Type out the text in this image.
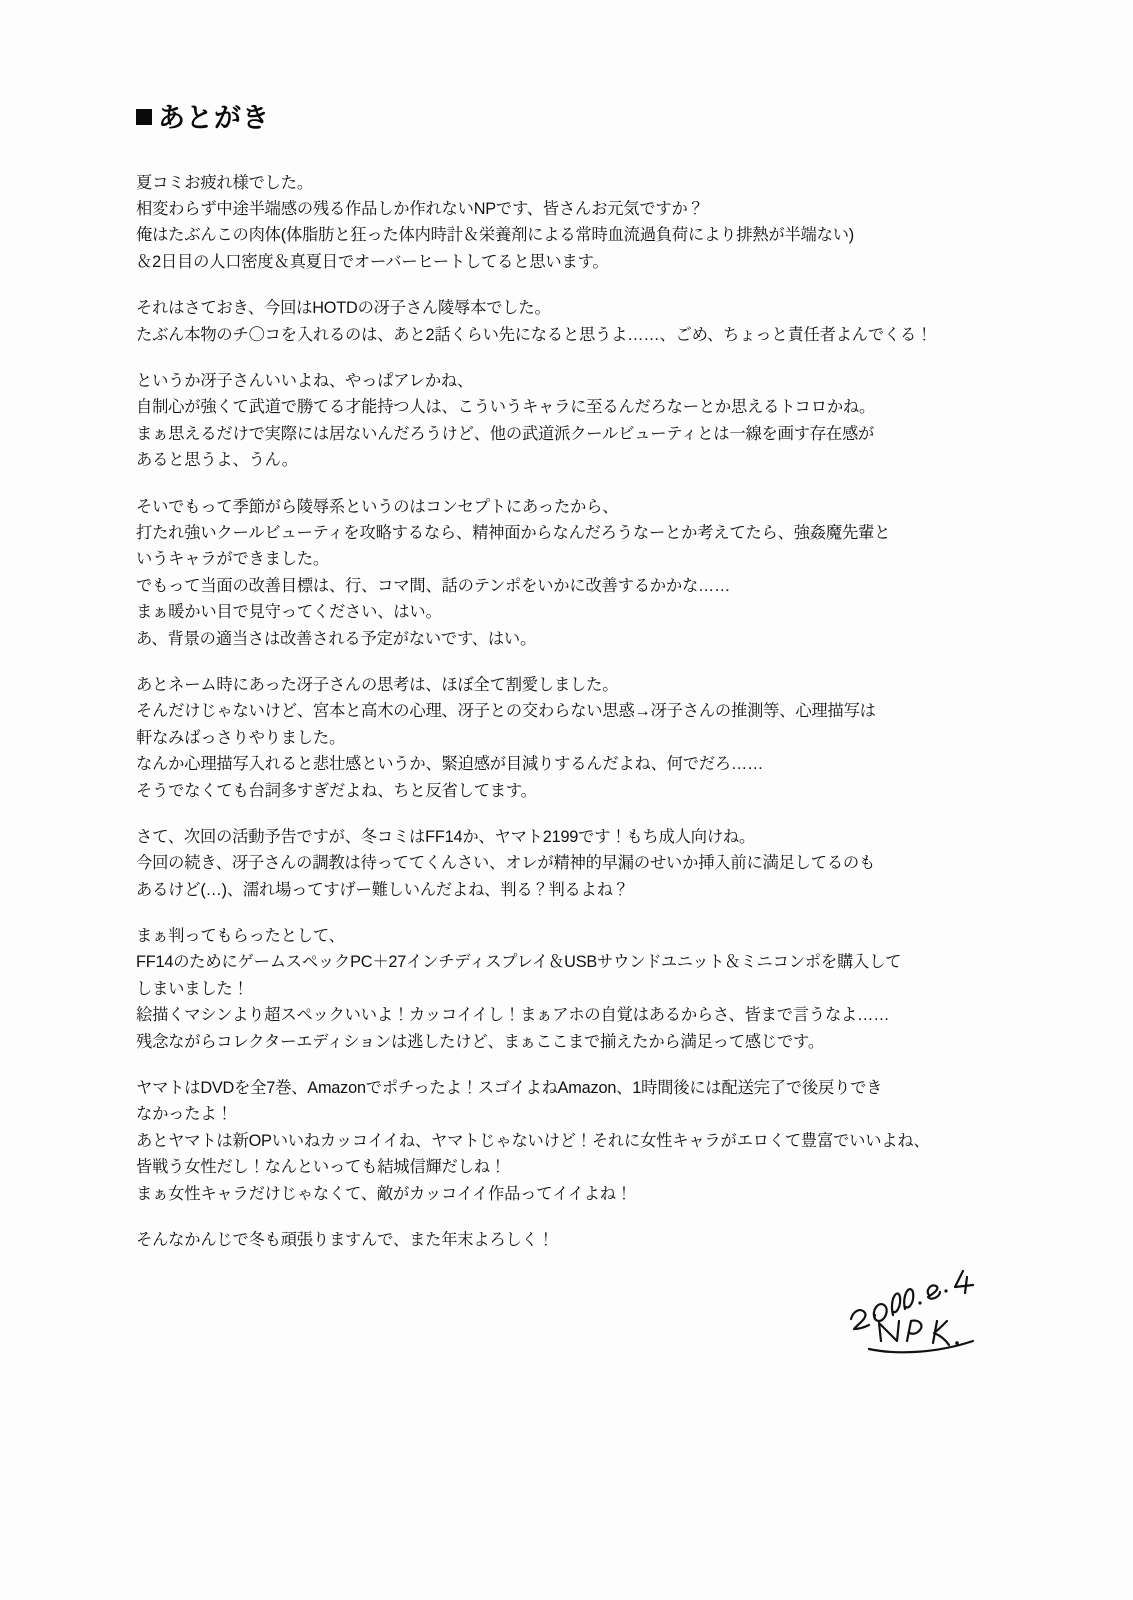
あとがき

夏コミお疲れ様でした。
相変わらず中途半端感の残る作品しか作れないNPです、皆さんお元気ですか？
俺はたぶんこの肉体(体脂肪と狂った体内時計＆栄養剤による常時血流過負荷により排熱が半端ない)
＆2日目の人口密度＆真夏日でオーバーヒートしてると思います。

それはさておき、今回はHOTDの冴子さん陵辱本でした。
たぶん本物のチ〇コを入れるのは、あと2話くらい先になると思うよ……、ごめ、ちょっと責任者よんでくる！

というか冴子さんいいよね、やっぱアレかね、
自制心が強くて武道で勝てる才能持つ人は、こういうキャラに至るんだろなーとか思えるトコロかね。
まぁ思えるだけで実際には居ないんだろうけど、他の武道派クールビューティとは一線を画す存在感が
あると思うよ、うん。

そいでもって季節がら陵辱系というのはコンセプトにあったから、
打たれ強いクールビューティを攻略するなら、精神面からなんだろうなーとか考えてたら、強姦魔先輩と
いうキャラができました。
でもって当面の改善目標は、行、コマ間、話のテンポをいかに改善するかかな……
まぁ暖かい目で見守ってください、はい。
あ、背景の適当さは改善される予定がないです、はい。

あとネーム時にあった冴子さんの思考は、ほぼ全て割愛しました。
そんだけじゃないけど、宮本と高木の心理、冴子との交わらない思惑→冴子さんの推測等、心理描写は
軒なみばっさりやりました。
なんか心理描写入れると悲壮感というか、緊迫感が目減りするんだよね、何でだろ……
そうでなくても台詞多すぎだよね、ちと反省してます。

さて、次回の活動予告ですが、冬コミはFF14か、ヤマト2199です！もち成人向けね。
今回の続き、冴子さんの調教は待っててくんさい、オレが精神的早漏のせいか挿入前に満足してるのも
あるけど(…)、濡れ場ってすげー難しいんだよね、判る？判るよね？

まぁ判ってもらったとして、
FF14のためにゲームスペックPC＋27インチディスプレイ＆USBサウンドユニット＆ミニコンポを購入して
しまいました！
絵描くマシンより超スペックいいよ！カッコイイし！まぁアホの自覚はあるからさ、皆まで言うなよ……
残念ながらコレクターエディションは逃したけど、まぁここまで揃えたから満足って感じです。

ヤマトはDVDを全7巻、Amazonでポチったよ！スゴイよねAmazon、1時間後には配送完了で後戻りでき
なかったよ！
あとヤマトは新OPいいねカッコイイね、ヤマトじゃないけど！それに女性キャラがエロくて豊富でいいよね、
皆戦う女性だし！なんといっても結城信輝だしね！
まぁ女性キャラだけじゃなくて、敵がカッコイイ作品ってイイよね！

そんなかんじで冬も頑張りますんで、また年末よろしく！
